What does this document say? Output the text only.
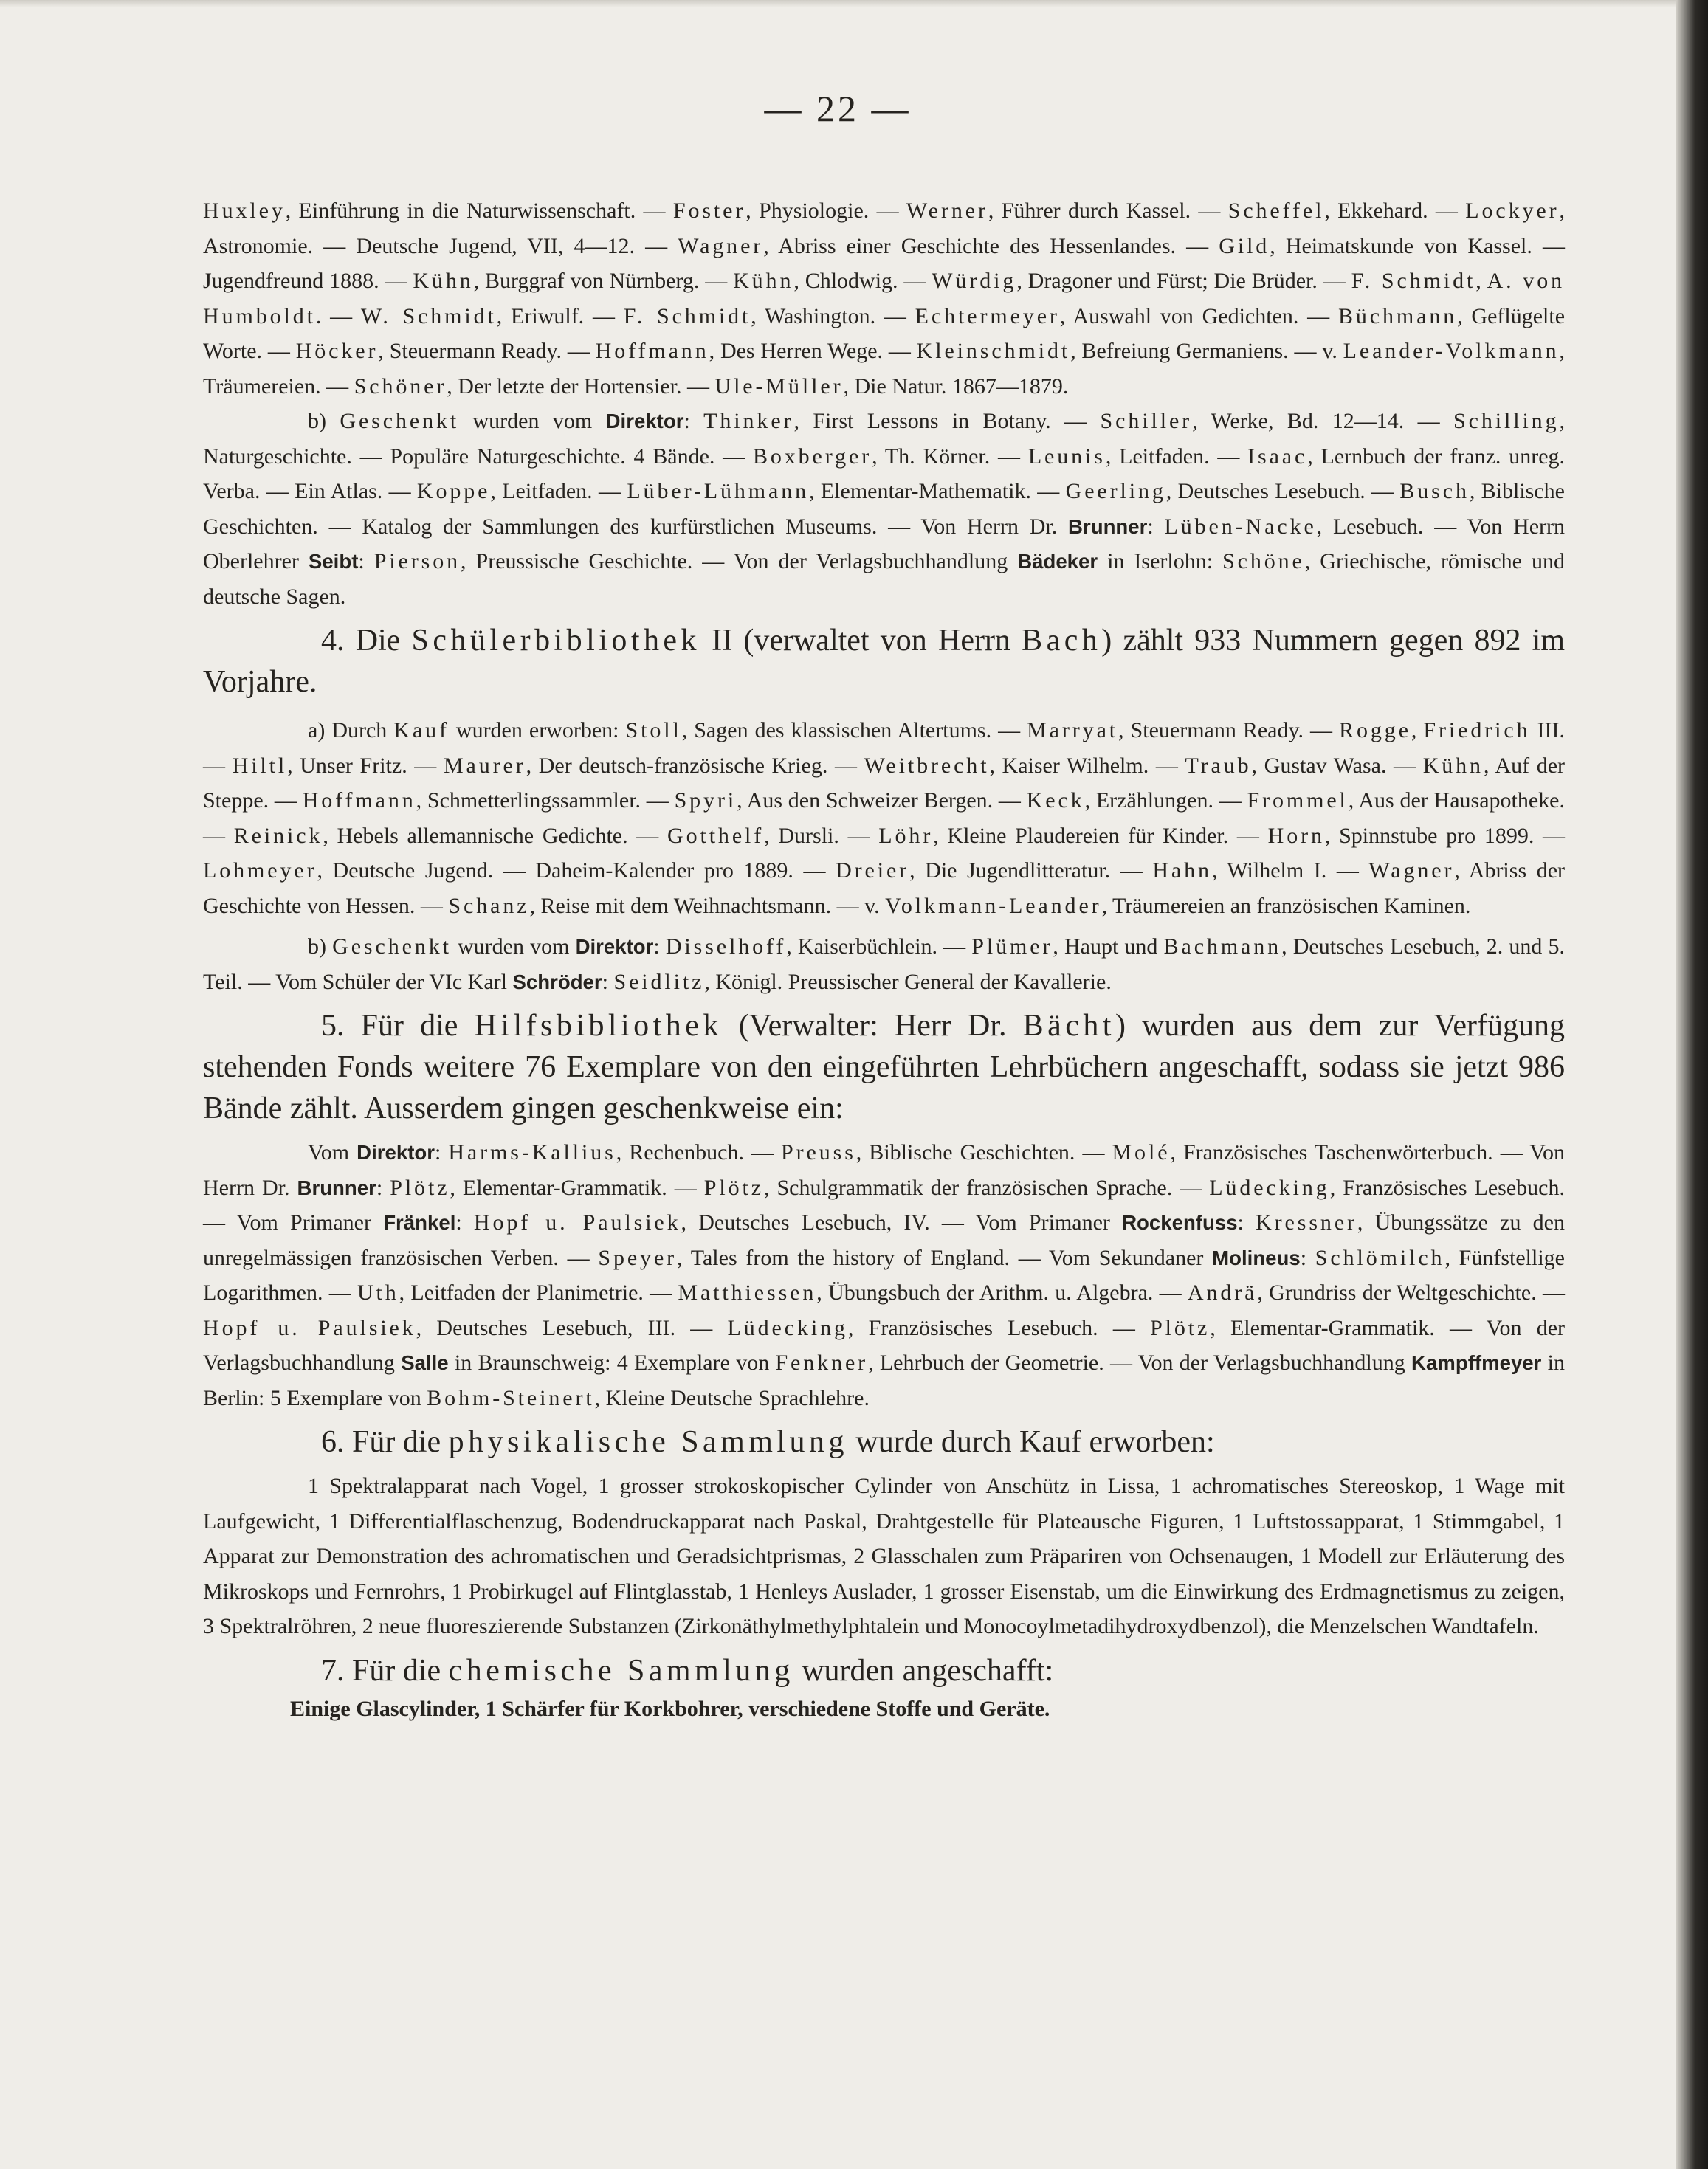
— 22 —

Huxley, Einführung in die Naturwissenschaft. — Foster, Physiologie. — Werner, Führer durch Kassel. — Scheffel, Ekkehard. — Lockyer, Astronomie. — Deutsche Jugend, VII, 4—12. — Wagner, Abriss einer Geschichte des Hessenlandes. — Gild, Heimatskunde von Kassel. — Jugendfreund 1888. — Kühn, Burggraf von Nürnberg. — Kühn, Chlodwig. — Würdig, Dragoner und Fürst; Die Brüder. — F. Schmidt, A. von Humboldt. — W. Schmidt, Eriwulf. — F. Schmidt, Washington. — Echtermeyer, Auswahl von Gedichten. — Büchmann, Geflügelte Worte. — Höcker, Steuermann Ready. — Hoffmann, Des Herren Wege. — Kleinschmidt, Befreiung Germaniens. — v. Leander-Volkmann, Träumereien. — Schöner, Der letzte der Hortensier. — Ule-Müller, Die Natur. 1867—1879.

b) Geschenkt wurden vom Direktor: Thinker, First Lessons in Botany. — Schiller, Werke, Bd. 12—14. — Schilling, Naturgeschichte. — Populäre Naturgeschichte. 4 Bände. — Boxberger, Th. Körner. — Leunis, Leitfaden. — Isaac, Lernbuch der franz. unreg. Verba. — Ein Atlas. — Koppe, Leitfaden. — Lüber-Lühmann, Elementar-Mathematik. — Geerling, Deutsches Lesebuch. — Busch, Biblische Geschichten. — Katalog der Sammlungen des kurfürstlichen Museums. — Von Herrn Dr. Brunner: Lüben-Nacke, Lesebuch. — Von Herrn Oberlehrer Seibt: Pierson, Preussische Geschichte. — Von der Verlagsbuchhandlung Bädeker in Iserlohn: Schöne, Griechische, römische und deutsche Sagen.

4. Die Schülerbibliothek II (verwaltet von Herrn Bach) zählt 933 Nummern gegen 892 im Vorjahre.

a) Durch Kauf wurden erworben: Stoll, Sagen des klassischen Altertums. — Marryat, Steuermann Ready. — Rogge, Friedrich III. — Hiltl, Unser Fritz. — Maurer, Der deutsch-französische Krieg. — Weitbrecht, Kaiser Wilhelm. — Traub, Gustav Wasa. — Kühn, Auf der Steppe. — Hoffmann, Schmetterlingssammler. — Spyri, Aus den Schweizer Bergen. — Keck, Erzählungen. — Frommel, Aus der Hausapotheke. — Reinick, Hebels allemannische Gedichte. — Gotthelf, Dursli. — Löhr, Kleine Plaudereien für Kinder. — Horn, Spinnstube pro 1899. — Lohmeyer, Deutsche Jugend. — Daheim-Kalender pro 1889. — Dreier, Die Jugendlitteratur. — Hahn, Wilhelm I. — Wagner, Abriss der Geschichte von Hessen. — Schanz, Reise mit dem Weihnachtsmann. — v. Volkmann-Leander, Träumereien an französischen Kaminen.

b) Geschenkt wurden vom Direktor: Disselhoff, Kaiserbüchlein. — Plümer, Haupt und Bachmann, Deutsches Lesebuch, 2. und 5. Teil. — Vom Schüler der VIc Karl Schröder: Seidlitz, Königl. Preussischer General der Kavallerie.

5. Für die Hilfsbibliothek (Verwalter: Herr Dr. Bächt) wurden aus dem zur Verfügung stehenden Fonds weitere 76 Exemplare von den eingeführten Lehrbüchern angeschafft, sodass sie jetzt 986 Bände zählt. Ausserdem gingen geschenkweise ein:

Vom Direktor: Harms-Kallius, Rechenbuch. — Preuss, Biblische Geschichten. — Molé, Französisches Taschenwörterbuch. — Von Herrn Dr. Brunner: Plötz, Elementar-Grammatik. — Plötz, Schulgrammatik der französischen Sprache. — Lüdecking, Französisches Lesebuch. — Vom Primaner Fränkel: Hopf u. Paulsiek, Deutsches Lesebuch, IV. — Vom Primaner Rockenfuss: Kressner, Übungssätze zu den unregelmässigen französischen Verben. — Speyer, Tales from the history of England. — Vom Sekundaner Molineus: Schlömilch, Fünfstellige Logarithmen. — Uth, Leitfaden der Planimetrie. — Matthiessen, Übungsbuch der Arithm. u. Algebra. — Andrä, Grundriss der Weltgeschichte. — Hopf u. Paulsiek, Deutsches Lesebuch, III. — Lüdecking, Französisches Lesebuch. — Plötz, Elementar-Grammatik. — Von der Verlagsbuchhandlung Salle in Braunschweig: 4 Exemplare von Fenkner, Lehrbuch der Geometrie. — Von der Verlagsbuchhandlung Kampffmeyer in Berlin: 5 Exemplare von Bohm-Steinert, Kleine Deutsche Sprachlehre.

6. Für die physikalische Sammlung wurde durch Kauf erworben:

1 Spektralapparat nach Vogel, 1 grosser strokoskopischer Cylinder von Anschütz in Lissa, 1 achromatisches Stereoskop, 1 Wage mit Laufgewicht, 1 Differentialflaschenzug, Bodendruckapparat nach Paskal, Drahtgestelle für Plateausche Figuren, 1 Luftstossapparat, 1 Stimmgabel, 1 Apparat zur Demonstration des achromatischen und Geradsichtprismas, 2 Glasschalen zum Präpariren von Ochsenaugen, 1 Modell zur Erläuterung des Mikroskops und Fernrohrs, 1 Probirkugel auf Flintglasstab, 1 Henleys Auslader, 1 grosser Eisenstab, um die Einwirkung des Erdmagnetismus zu zeigen, 3 Spektralröhren, 2 neue fluoreszierende Substanzen (Zirkonäthylmethylphtalein und Monocoylmetadihydroxydbenzol), die Menzelschen Wandtafeln.

7. Für die chemische Sammlung wurden angeschafft:

Einige Glascylinder, 1 Schärfer für Korkbohrer, verschiedene Stoffe und Geräte.
